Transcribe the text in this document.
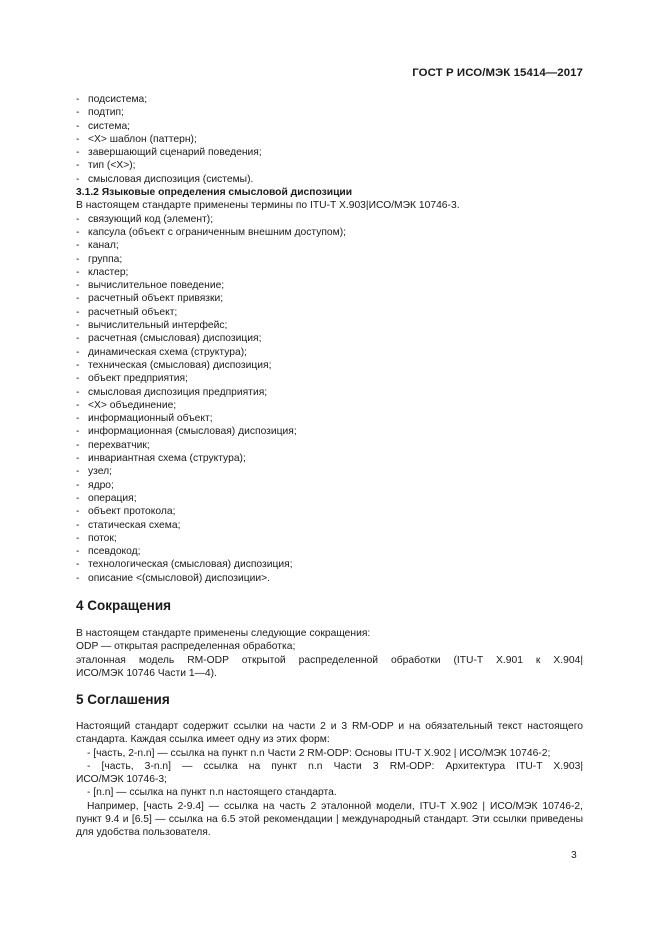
ГОСТ Р ИСО/МЭК 15414—2017
- подсистема;
- подтип;
- система;
- <X> шаблон (паттерн);
- завершающий сценарий поведения;
- тип (<X>);
- смысловая диспозиция (системы).
3.1.2 Языковые определения смысловой диспозиции
В настоящем стандарте применены термины по ITU-T X.903|ИСО/МЭК 10746-3.
- связующий код (элемент);
- капсула (объект с ограниченным внешним доступом);
- канал;
- группа;
- кластер;
- вычислительное поведение;
- расчетный объект привязки;
- расчетный объект;
- вычислительный интерфейс;
- расчетная (смысловая) диспозиция;
- динамическая схема (структура);
- техническая (смысловая) диспозиция;
- объект предприятия;
- смысловая диспозиция предприятия;
- <X> объединение;
- информационный объект;
- информационная (смысловая) диспозиция;
- перехватчик;
- инвариантная схема (структура);
- узел;
- ядро;
- операция;
- объект протокола;
- статическая схема;
- поток;
- псевдокод;
- технологическая (смысловая) диспозиция;
- описание <(смысловой) диспозиции>.
4 Сокращения
В настоящем стандарте применены следующие сокращения:
ODP — открытая распределенная обработка;
эталонная модель RM-ODP открытой распределенной обработки (ITU-T X.901 к X.904|
ИСО/МЭК 10746 Части 1—4).
5 Соглашения
Настоящий стандарт содержит ссылки на части 2 и 3 RM-ODP и на обязательный текст настоящего
стандарта. Каждая ссылка имеет одну из этих форм:
- [часть, 2-n.n] — ссылка на пункт n.n Части 2 RM-ODP: Основы ITU-T X.902 | ИСО/МЭК 10746-2;
- [часть, 3-n.n] — ссылка на пункт n.n Части 3 RM-ODP: Архитектура ITU-T X.903|
ИСО/МЭК 10746-3;
- [n.n] — ссылка на пункт n.n настоящего стандарта.
Например, [часть 2-9.4] — ссылка на часть 2 эталонной модели, ITU-T X.902 | ИСО/МЭК 10746-2,
пункт 9.4 и [6.5] — ссылка на 6.5 этой рекомендации | международный стандарт. Эти ссылки приведены
для удобства пользователя.
3
